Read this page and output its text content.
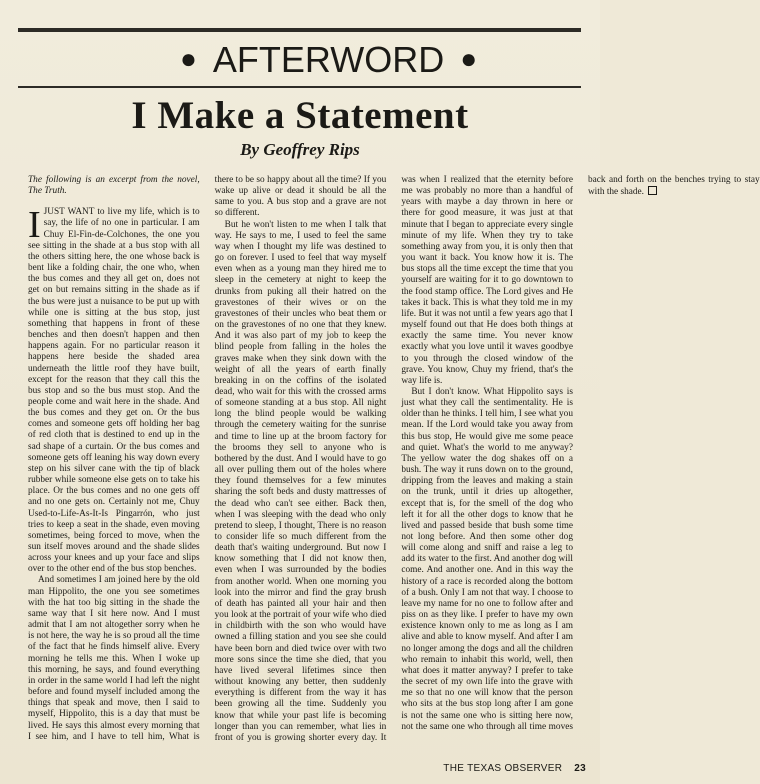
● AFTERWORD ●
I Make a Statement
By Geoffrey Rips

The following is an excerpt from the novel, The Truth.

IJUST WANT to live my life, which is to say, the life of no one in particular. I am Chuy El-Fin-de-Colchones, the one you see sitting in the shade at a bus stop with all the others sitting here, the one whose back is bent like a folding chair, the one who, when the bus comes and they all get on, does not get on but remains sitting in the shade as if the bus were just a nuisance to be put up with while one is sitting at the bus stop, just something that happens in front of these benches and then doesn't happen and then happens again. For no particular reason it happens here beside the shaded area underneath the little roof they have built, except for the reason that they call this the bus stop and so the bus must stop. And the people come and wait here in the shade. And the bus comes and they get on. Or the bus comes and someone gets off holding her bag of red cloth that is destined to end up in the sad shape of a curtain. Or the bus comes and someone gets off leaning his way down every step on his silver cane with the tip of black rubber while someone else gets on to take his place. Or the bus comes and no one gets off and no one gets on. Certainly not me, Chuy Used-to-Life-As-It-Is Pingarrón, who just tries to keep a seat in the shade, even moving sometimes, being forced to move, when the sun itself moves around and the shade slides across your knees and up your face and slips over to the other end of the bus stop benches.

And sometimes I am joined here by the old man Hippolito, the one you see sometimes with the hat too big sitting in the shade the same way that I sit here now. And I must admit that I am not altogether sorry when he is not here, the way he is so proud all the time of the fact that he finds himself alive. Every morning he tells me this. When I woke up this morning, he says, and found everything in order in the same world I had left the night before and found myself included among the things that speak and move, then I said to myself, Hippolito, this is a day that must be lived. He says this almost every morning that I see him, and I have to tell him, What is there to be so happy about all the time? If you wake up alive or dead it should be all the same to you. A bus stop and a grave are not so different.

But he won't listen to me when I talk that way. He says to me, I used to feel the same way when I thought my life was destined to go on forever. I used to feel that way myself even when as a young man they hired me to sleep in the cemetery at night to keep the drunks from puking all their hatred on the gravestones of their wives or on the gravestones of their uncles who beat them or on the gravestones of no one that they knew. And it was also part of my job to keep the blind people from falling in the holes the graves make when they sink down with the weight of all the years of earth finally breaking in on the coffins of the isolated dead, who wait for this with the crossed arms of someone standing at a bus stop. All night long the blind people would be walking through the cemetery waiting for the sunrise and time to line up at the broom factory for the brooms they sell to anyone who is bothered by the dust. And I would have to go all over pulling them out of the holes where they found themselves for a few minutes sharing the soft beds and dusty mattresses of the dead who can't see either. Back then, when I was sleeping with the dead who only pretend to sleep, I thought, There is no reason to consider life so much different from the death that's waiting underground. But now I know something that I did not know then, even when I was surrounded by the bodies from another world. When one morning you look into the mirror and find the gray brush of death has painted all your hair and then you look at the portrait of your wife who died in childbirth with the son who would have owned a filling station and you see she could have been born and died twice over with two more sons since the time she died, that you have lived several lifetimes since then without knowing any better, then suddenly everything is different from the way it has been growing all the time. Suddenly you know that while your past life is becoming longer than you can remember, what lies in front of you is growing shorter every day. It was when I realized that the eternity before me was probably no more than a handful of years with maybe a day thrown in here or there for good measure, it was just at that minute that I began to appreciate every single minute of my life. When they try to take something away from you, it is only then that you want it back. You know how it is. The bus stops all the time except the time that you yourself are waiting for it to go downtown to the food stamp office. The Lord gives and He takes it back. This is what they told me in my life. But it was not until a few years ago that I myself found out that He does both things at exactly the same time. You never know exactly what you love until it waves goodbye to you through the closed window of the grave. You know, Chuy my friend, that's the way life is.

But I don't know. What Hippolito says is just what they call the sentimentality. He is older than he thinks. I tell him, I see what you mean. If the Lord would take you away from this bus stop, He would give me some peace and quiet. What's the world to me anyway? The yellow water the dog shakes off on a bush. The way it runs down on to the ground, dripping from the leaves and making a stain on the trunk, until it dries up altogether, except that is, for the smell of the dog who left it for all the other dogs to know that he lived and passed beside that bush some time not long before. And then some other dog will come along and sniff and raise a leg to add its water to the first. And another dog will come. And another one. And in this way the history of a race is recorded along the bottom of a bush. Only I am not that way. I choose to leave my name for no one to follow after and piss on as they like. I prefer to have my own existence known only to me as long as I am alive and able to know myself. And after I am no longer among the dogs and all the children who remain to inhabit this world, well, then what does it matter anyway? I prefer to take the secret of my own life into the grave with me so that no one will know that the person who sits at the bus stop long after I am gone is not the same one who is sitting here now, not the same one who through all time moves back and forth on the benches trying to stay with the shade.

THE TEXAS OBSERVER 23
